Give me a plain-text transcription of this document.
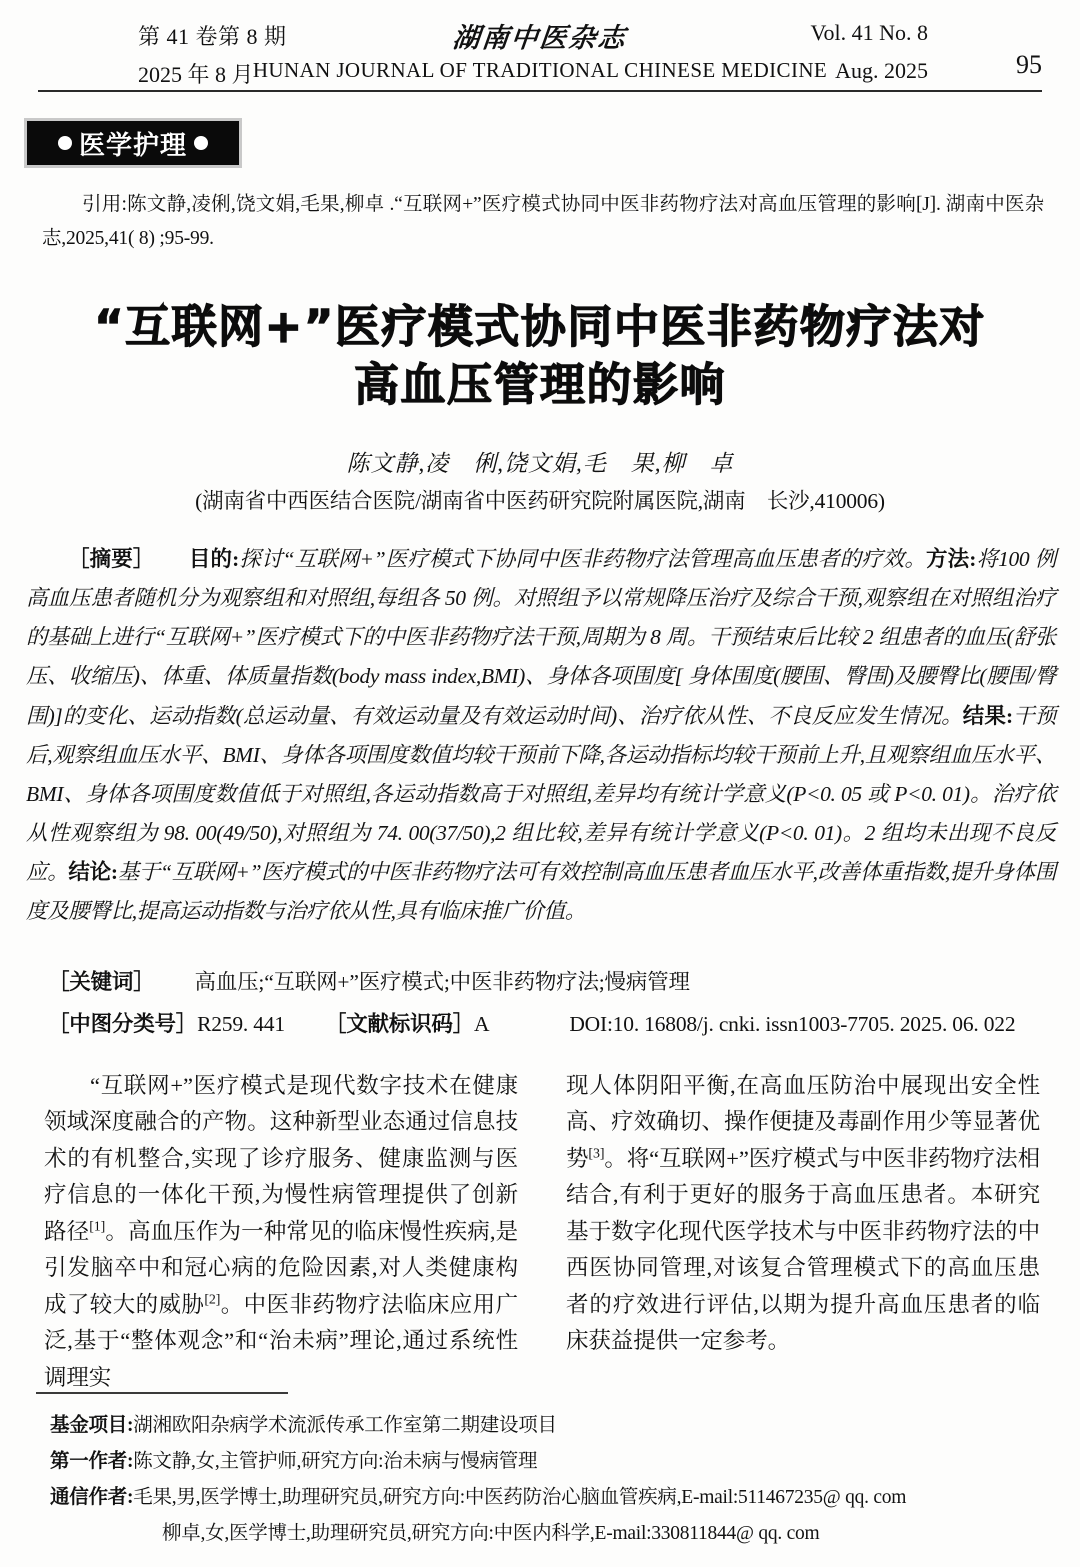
第 41 卷第 8 期
2025 年 8 月
湖南中医杂志
HUNAN JOURNAL OF TRADITIONAL CHINESE MEDICINE
Vol. 41 No. 8
Aug. 2025	95
医学护理
引用:陈文静,凌俐,饶文娟,毛果,柳卓 .“互联网+”医疗模式协同中医非药物疗法对高血压管理的影响[J]. 湖南中医杂志,2025,41( 8) ;95-99.
“互联网+”医疗模式协同中医非药物疗法对
高血压管理的影响
陈文静,凌　俐,饶文娟,毛　果,柳　卓
(湖南省中西医结合医院/湖南省中医药研究院附属医院,湖南　长沙,410006)
［摘要］ 目的:探讨“互联网+”医疗模式下协同中医非药物疗法管理高血压患者的疗效。方法:将100 例高血压患者随机分为观察组和对照组,每组各 50 例。对照组予以常规降压治疗及综合干预,观察组在对照组治疗的基础上进行“互联网+”医疗模式下的中医非药物疗法干预,周期为 8 周。干预结束后比较 2 组患者的血压(舒张压、收缩压)、体重、体质量指数(body mass index,BMI)、身体各项围度[ 身体围度(腰围、臀围)及腰臀比(腰围/臀围)]的变化、运动指数(总运动量、有效运动量及有效运动时间)、治疗依从性、不良反应发生情况。结果:干预后,观察组血压水平、BMI、身体各项围度数值均较干预前下降,各运动指标均较干预前上升,且观察组血压水平、BMI、身体各项围度数值低于对照组,各运动指数高于对照组,差异均有统计学意义(P<0. 05 或 P<0. 01)。治疗依从性观察组为 98. 00(49/50),对照组为 74. 00(37/50),2 组比较,差异有统计学意义(P<0. 01)。2 组均未出现不良反应。结论:基于“互联网+”医疗模式的中医非药物疗法可有效控制高血压患者血压水平,改善体重指数,提升身体围度及腰臀比,提高运动指数与治疗依从性,具有临床推广价值。
［关键词］ 高血压;“互联网+”医疗模式;中医非药物疗法;慢病管理
［中图分类号］R259. 441 ［文献标识码］A	DOI:10. 16808/j. cnki. issn1003-7705. 2025. 06. 022

“互联网+”医疗模式是现代数字技术在健康领域深度融合的产物。这种新型业态通过信息技术的有机整合,实现了诊疗服务、健康监测与医疗信息的一体化干预,为慢性病管理提供了创新路径[1]。高血压作为一种常见的临床慢性疾病,是引发脑卒中和冠心病的危险因素,对人类健康构成了较大的威胁[2]。中医非药物疗法临床应用广泛,基于“整体观念”和“治未病”理论,通过系统性调理实

现人体阴阳平衡,在高血压防治中展现出安全性高、疗效确切、操作便捷及毒副作用少等显著优势[3]。将“互联网+”医疗模式与中医非药物疗法相结合,有利于更好的服务于高血压患者。本研究基于数字化现代医学技术与中医非药物疗法的中西医协同管理,对该复合管理模式下的高血压患者的疗效进行评估,以期为提升高血压患者的临床获益提供一定参考。

基金项目:湖湘欧阳杂病学术流派传承工作室第二期建设项目
第一作者:陈文静,女,主管护师,研究方向:治未病与慢病管理
通信作者:毛果,男,医学博士,助理研究员,研究方向:中医药防治心脑血管疾病,E-mail:511467235@ qq. com
柳卓,女,医学博士,助理研究员,研究方向:中医内科学,E-mail:330811844@ qq. com
